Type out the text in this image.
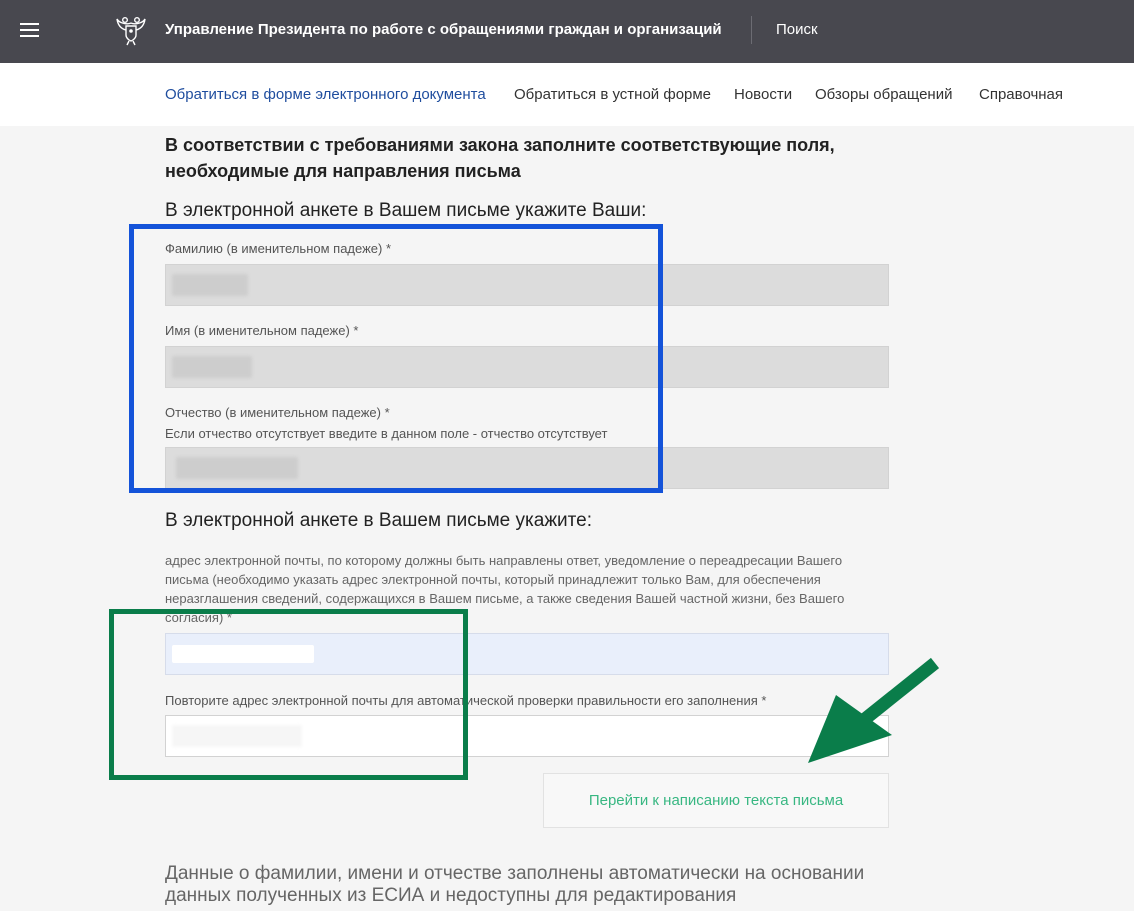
Управление Президента по работе с обращениями граждан и организаций	Поиск
Обратиться в форме электронного документа Обратиться в устной форме Новости Обзоры обращений Справочная
В соответствии с требованиями закона заполните соответствующие поля, необходимые для направления письма
В электронной анкете в Вашем письме укажите Ваши:
Фамилию (в именительном падеже) *
Имя (в именительном падеже) *
Отчество (в именительном падеже) *
Если отчество отсутствует введите в данном поле - отчество отсутствует
В электронной анкете в Вашем письме укажите:
адрес электронной почты, по которому должны быть направлены ответ, уведомление о переадресации Вашего письма (необходимо указать адрес электронной почты, который принадлежит только Вам, для обеспечения неразглашения сведений, содержащихся в Вашем письме, а также сведения Вашей частной жизни, без Вашего согласия) *
Повторите адрес электронной почты для автоматической проверки правильности его заполнения *
Перейти к написанию текста письма
Данные о фамилии, имени и отчестве заполнены автоматически на основании данных полученных из ЕСИА и недоступны для редактирования
